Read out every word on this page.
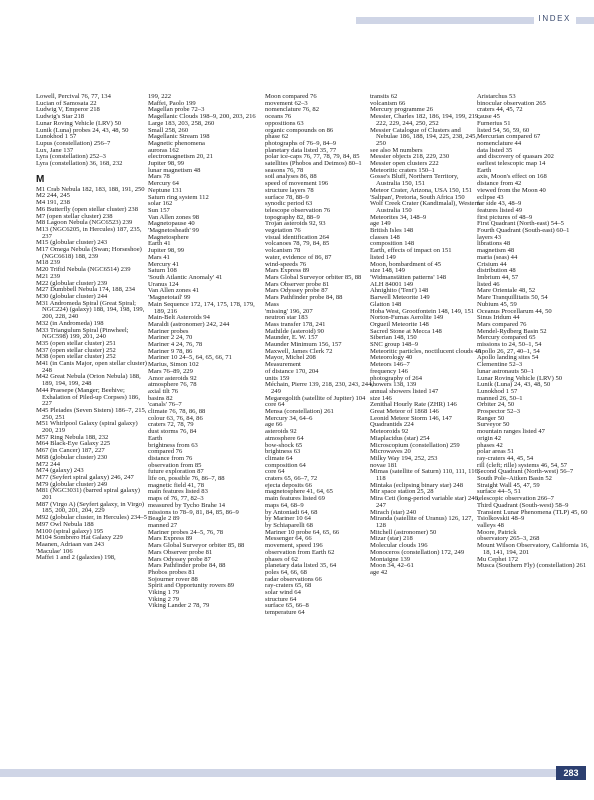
INDEX
Lowell, Percival 76, 77, 134
Lucian of Samosata 22
Ludwig V, Emperor 218
Ludwig's Star 218
Lunar Roving Vehicle (LRV) 50
Lunik (Luna) probes 24, 43, 48, 50
Lunokhod 1 57
Lupus (constellation) 256–7
Lux, Jane 137
Lyra (constellation) 252–3
Lyra (constellation) 36, 168, 232
M
M1 Crab Nebula 182, 183, 188, 191, 250
M2 244, 245
M4 191, 238
M6 Butterfly (open stellar cluster) 238
M7 (open stellar cluster) 238
M8 Lagoon Nebula (NGC6523) 239
M13 (NGC6205, in Hercules) 187, 235, 237
M15 (globular cluster) 243
M17 Omega Nebula (Swan; Horseshoe) (NGC6618) 188, 239
M18 239
M20 Trifid Nebula (NGC6514) 239
M21 239
M22 (globular cluster) 239
M27 Dumbbell Nebula 174, 188, 234
M30 (globular cluster) 244
M31 Andromeda Spiral (Great Spiral; NGC224) (galaxy) 188, 194, 198, 199, 200, 228, 240
M32 (in Andromeda) 198
M33 Triangulum Spiral (Pinwheel; NGC598) 199, 201, 240
M35 (open stellar cluster) 251
M37 (open stellar cluster) 252
M38 (open stellar cluster) 252
M41 (in Canis Major, open stellar cluster) 248
M42 Great Nebula (Orion Nebula) 188, 189, 194, 199, 248
M44 Praesepe (Manger; Beehive; Exhalation of Piled-up Corpses) 186, 227
M45 Pleiades (Seven Sisters) 186–7, 215, 250, 251
M51 Whirlpool Galaxy (spiral galaxy) 200, 219
M57 Ring Nebula 188, 232
M64 Black-Eye Galaxy 225
M67 (in Cancer) 187, 227
M68 (globular cluster) 230
M72 244
M74 (galaxy) 243
M77 (Seyfert spiral galaxy) 246, 247
M79 (globular cluster) 249
M81 (NGC3031) (barred spiral galaxy) 201
M87 (Virgo A) (Seyfert galaxy, in Virgo) 185, 200, 201, 204, 229
M92 (globular cluster, in Hercules) 234–5
M97 Owl Nebula 188
M100 (spiral galaxy) 195
M104 Sombrero Hat Galaxy 229
Maanen, Adriaan van 243
'Maculae' 106
Maffei 1 and 2 (galaxies) 198,
199, 222
Maffei, Paolo 199
Magellan probe 72–3
Magellanic Clouds 198–9, 200, 203, 216
Large 183, 203, 258, 260
Small 258, 260
Magellanic Stream 198
Magnetic phenomena
auroras 162
electromagnetism 20, 21
Jupiter 98, 99
lunar magnetism 48
Mars 78
Mercury 64
Neptune 131
Saturn ring system 112
solar 162
Sun 157
Van Allen zones 98
Magnetopause 40
'Magnetosheath' 99
Magnetosphere
Earth 41
Jupiter 98, 99
Mars 41
Mercury 41
Saturn 108
'South Atlantic Anomaly' 41
Uranus 124
Van Allen zones 41
'Magnetotail' 99
Main Sequence 172, 174, 175, 178, 179, 189, 216
Main-Belt Asteroids 94
Maraldi (astronomer) 242, 244
Mariner probes
Mariner 2 24, 70
Mariner 4 24, 76, 78
Mariner 9 78, 86
Mariner 10 24–5, 64, 65, 66, 71
Marius, Simon 102
Mars 76–89, 229
Amor asteroids 92
atmosphere 76, 78
axial tilt 76
basins 82
'canals' 76–7
climate 76, 78, 86, 88
colour 63, 76, 84, 86
craters 72, 78, 79
dust storms 76, 84
Earth
brightness from 63
compared 76
distance from 76
observation from 85
future exploration 87
life on, possible 76, 86–7, 88
magnetic field 41, 78
main features listed 83
maps of 76, 77, 82–3
measured by Tycho Brahe 14
missions to 78–9, 81, 84, 85, 86–9
Beagle 2 89
manned 27
Mariner probes 24–5, 76, 78
Mars Express 89
Mars Global Surveyor orbiter 85, 88
Mars Observer probe 81
Mars Odyssey probe 87
Mars Pathfinder probe 84, 88
Phobos probes 81
Sojourner rover 88
Spirit and Opportunity rovers 89
Viking 1 79
Viking 2 79
Viking Lander 2 78, 79
Moon compared 76
movement 62–3
nomenclature 76, 82
oceans 76
oppositions 63
organic compounds on 86
phase 62
photographs of 76–9, 84–9
planetary data listed 35, 77
polar ice-caps 76, 77, 78, 79, 84, 85
satellites (Phobos and Deimos) 80–1
seasons 76, 78
soil analyses 86, 88
speed of movement 196
structure layers 78
surface 78, 88–9
synodic period 63
telescope observation 76
topography 82, 88–9
Trojan asteroids 92, 93
vegetation 76
visual identification 264
volcanoes 78, 79, 84, 85
volcanism 78
water, evidence of 86, 87
wind-speeds 76
Mars Express 89
Mars Global Surveyor orbiter 85, 88
Mars Observer probe 81
Mars Odyssey probe 87
Mars Pathfinder probe 84, 88
Mass
'missing' 196, 207
neutron star 183
Mass transfer 178, 241
Mathilde (asteroid) 90
Maunder, E. W. 157
Maunder Minimum 156, 157
Maxwell, James Clerk 72
Mayor, Michel 208
Measurement
of distance 170, 204
units 159
Méchain, Pierre 139, 218, 230, 243, 244, 249
Megaregolith (satellite of Jupiter) 104
core 64
Mensa (constellation) 261
Mercury 34, 64–6
age 66
asteroids 92
atmosphere 64
bow-shock 65
brightness 63
climate 64
composition 64
core 64
craters 65, 66–7, 72
ejecta deposits 66
magnetosphere 41, 64, 65
main features listed 69
maps 64, 68–9
by Antoniadi 64, 68
by Mariner 10 64
by Schiaparelli 68
Mariner 10 probe 64, 65, 66
Messenger 64, 66
movement, speed 196
observation from Earth 62
phases of 62
planetary data listed 35, 64
poles 64, 66, 68
radar observations 66
ray-craters 65, 68
solar wind 64
structure 64
surface 65, 66–8
temperature 64
transits 62
volcanism 66
Mercury programme 26
Messier, Charles 182, 186, 194, 199, 219, 222, 229, 244, 250, 252
Messier Catalogue of Clusters and Nebulae 186, 188, 194, 225, 238, 245, 250
see also M numbers
Messier objects 218, 229, 230
Messier open clusters 222
Meteoritic craters 150–1
Gosse's Bluff, Northern Territory, Australia 150, 151
Meteor Crater, Arizona, USA 150, 151
'Saltpan', Pretoria, South Africa 150
Wolf Creek Crater (Kandimalal), Western Australia 150
Meteorites 34, 148–9
age 149
British Isles 148
classes 148
composition 148
Earth, effects of impact on 151
listed 149
Moon, bombardment of 45
size 148, 149
'Widmanstätten patterns' 148
ALH 84001 149
Ahnighito ('Tent') 148
Barwell Meteorite 149
Glatton 148
Hoba West, Grootfontein 148, 149, 151
Norton-Furnas Aerolite 149
Orgueil Meteorite 148
Sacred Stone at Mecca 148
Siberian 148, 150
SNC group 148–9
Meteoritic particles, noctilucent clouds 40
Meteorology 40
Meteors 146–7
frequency 146
photography of 264
showers 138, 139
annual showers listed 147
size 146
Zenithal Hourly Rate (ZHR) 146
Great Meteor of 1868 146
Leonid Meteor Storm 146, 147
Quadrantids 224
Meteoroids 92
Miaplacidus (star) 254
Microscopium (constellation) 259
Microwaves 20
Milky Way 194, 252, 253
novae 181
Mimas (satellite of Saturn) 110, 111, 116, 118
Mintaka (eclipsing binary star) 248
Mir space station 25, 28
Mira Ceti (long-period variable star) 246, 247
Mirach (star) 240
Miranda (satellite of Uranus) 126, 127, 128
Mitchell (astronomer) 50
Mizar (star) 218
Molecular clouds 196
Monoceros (constellation) 172, 249
Montaigne 139
Moon 34, 42–61
age 42
Aristarchus 53
binocular observation 265
craters 44, 45, 72
cause 45
Furnerius 51
listed 54, 56, 59, 60
Mercurian compared 67
nomenclature 44
data listed 35
and discovery of quasars 202
earliest telescopic map 14
Earth
axis, Moon's effect on 168
distance from 42
viewed from the Moon 40
eclipse 43
far side 43, 48–9
features listed 49
first pictures of 48–9
First Quadrant (North-east) 54–5
Fourth Quadrant (South-east) 60–1
layers 43
librations 48
magnetism 48
maria (seas) 44
Crisium 44
distribution 48
Imbrium 44, 57
listed 46
Mare Orientale 48, 52
Mare Tranquillitatis 50, 54
Nubium 45, 59
Oceanus Procellarum 44, 50
Sinus Iridum 44
Mars compared 76
Mendel-Rydberg Basin 52
Mercury compared 65
missions to 24, 50–1, 54
Apollo 26, 27, 40–1, 54
Apollo landing sites 54
Clementine 52–3
lunar astronauts 50–1
Lunar Roving Vehicle (LRV) 50
Lunik (Luna) 24, 43, 48, 50
Lunokhod 1 57
manned 26, 50–1
Orbiter 24, 50
Prospector 52–3
Ranger 50
Surveyor 50
mountain ranges listed 47
origin 42
phases 42
polar areas 51
ray-craters 44, 45, 54
rill (cleft; rille) systems 46, 54, 57
Second Quadrant (North-west) 56–7
South Pole–Aitken Basin 52
Straight Wall 45, 47, 59
surface 44–5, 51
telescopic observation 266–7
Third Quadrant (South-west) 58–9
Transient Lunar Phenomena (TLP) 45, 60
Tsiolkovskii 48–9
valleys 48
Moore, Patrick
observatory 265–3, 268
Mount Wilson Observatory, California 16, 18, 141, 194, 201
Mu Cephei 172
Musca (Southern Fly) (constellation) 261
283
